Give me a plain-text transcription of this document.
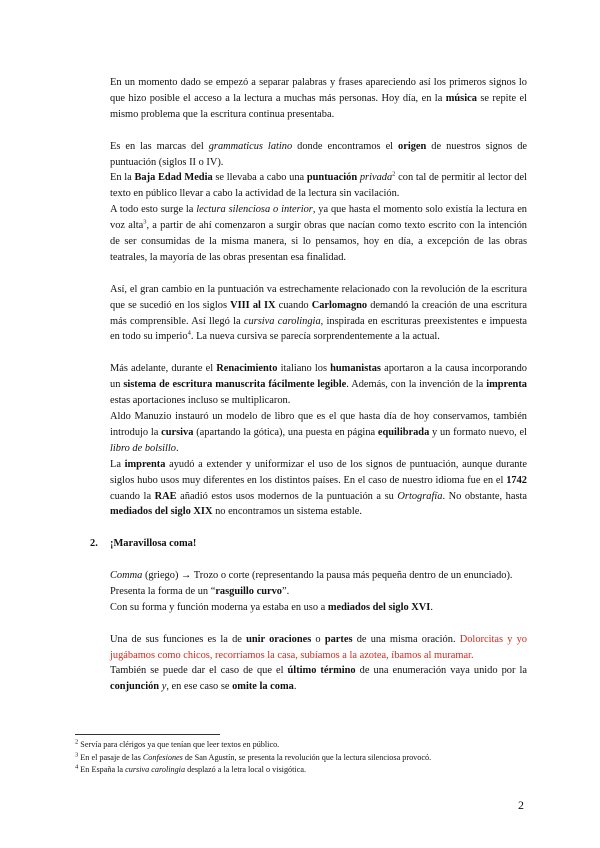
En un momento dado se empezó a separar palabras y frases apareciendo así los primeros signos lo que hizo posible el acceso a la lectura a muchas más personas. Hoy día, en la música se repite el mismo problema que la escritura continua presentaba.

Es en las marcas del grammaticus latino donde encontramos el origen de nuestros signos de puntuación (siglos II o IV).

En la Baja Edad Media se llevaba a cabo una puntuación privada$^2$ con tal de permitir al lector del texto en público llevar a cabo la actividad de la lectura sin vacilación.

A todo esto surge la lectura silenciosa o interior, ya que hasta el momento solo existía la lectura en voz alta$^3$, a partir de ahí comenzaron a surgir obras que nacían como texto escrito con la intención de ser consumidas de la misma manera, si lo pensamos, hoy en día, a excepción de las obras teatrales, la mayoría de las obras presentan esa finalidad.

Así, el gran cambio en la puntuación va estrechamente relacionado con la revolución de la escritura que se sucedió en los siglos VIII al IX cuando Carlomagno demandó la creación de una escritura más comprensible. Así llegó la cursiva carolingia, inspirada en escrituras preexistentes e impuesta en todo su imperio$^4$. La nueva cursiva se parecía sorprendentemente a la actual.

Más adelante, durante el Renacimiento italiano los humanistas aportaron a la causa incorporando un sistema de escritura manuscrita fácilmente legible. Además, con la invención de la imprenta estas aportaciones incluso se multiplicaron.

Aldo Manuzio instauró un modelo de libro que es el que hasta día de hoy conservamos, también introdujo la cursiva (apartando la gótica), una puesta en página equilibrada y un formato nuevo, el libro de bolsillo.

La imprenta ayudó a extender y uniformizar el uso de los signos de puntuación, aunque durante siglos hubo usos muy diferentes en los distintos países. En el caso de nuestro idioma fue en el 1742 cuando la RAE añadió estos usos modernos de la puntuación a su Ortografía. No obstante, hasta mediados del siglo XIX no encontramos un sistema estable.

2. ¡Maravillosa coma!

Comma (griego) → Trozo o corte (representando la pausa más pequeña dentro de un enunciado).

Presenta la forma de un “rasguillo curvo”.

Con su forma y función moderna ya estaba en uso a mediados del siglo XVI.

Una de sus funciones es la de unir oraciones o partes de una misma oración. Dolorcitas y yo jugábamos como chicos, recorríamos la casa, subíamos a la azotea, íbamos al muramar.

También se puede dar el caso de que el último término de una enumeración vaya unido por la conjunción y, en ese caso se omite la coma.

$^2$ Servía para clérigos ya que tenían que leer textos en público.

$^3$ En el pasaje de las Confesiones de San Agustín, se presenta la revolución que la lectura silenciosa provocó.

$^4$ En España la cursiva carolingia desplazó a la letra local o visigótica.

2
